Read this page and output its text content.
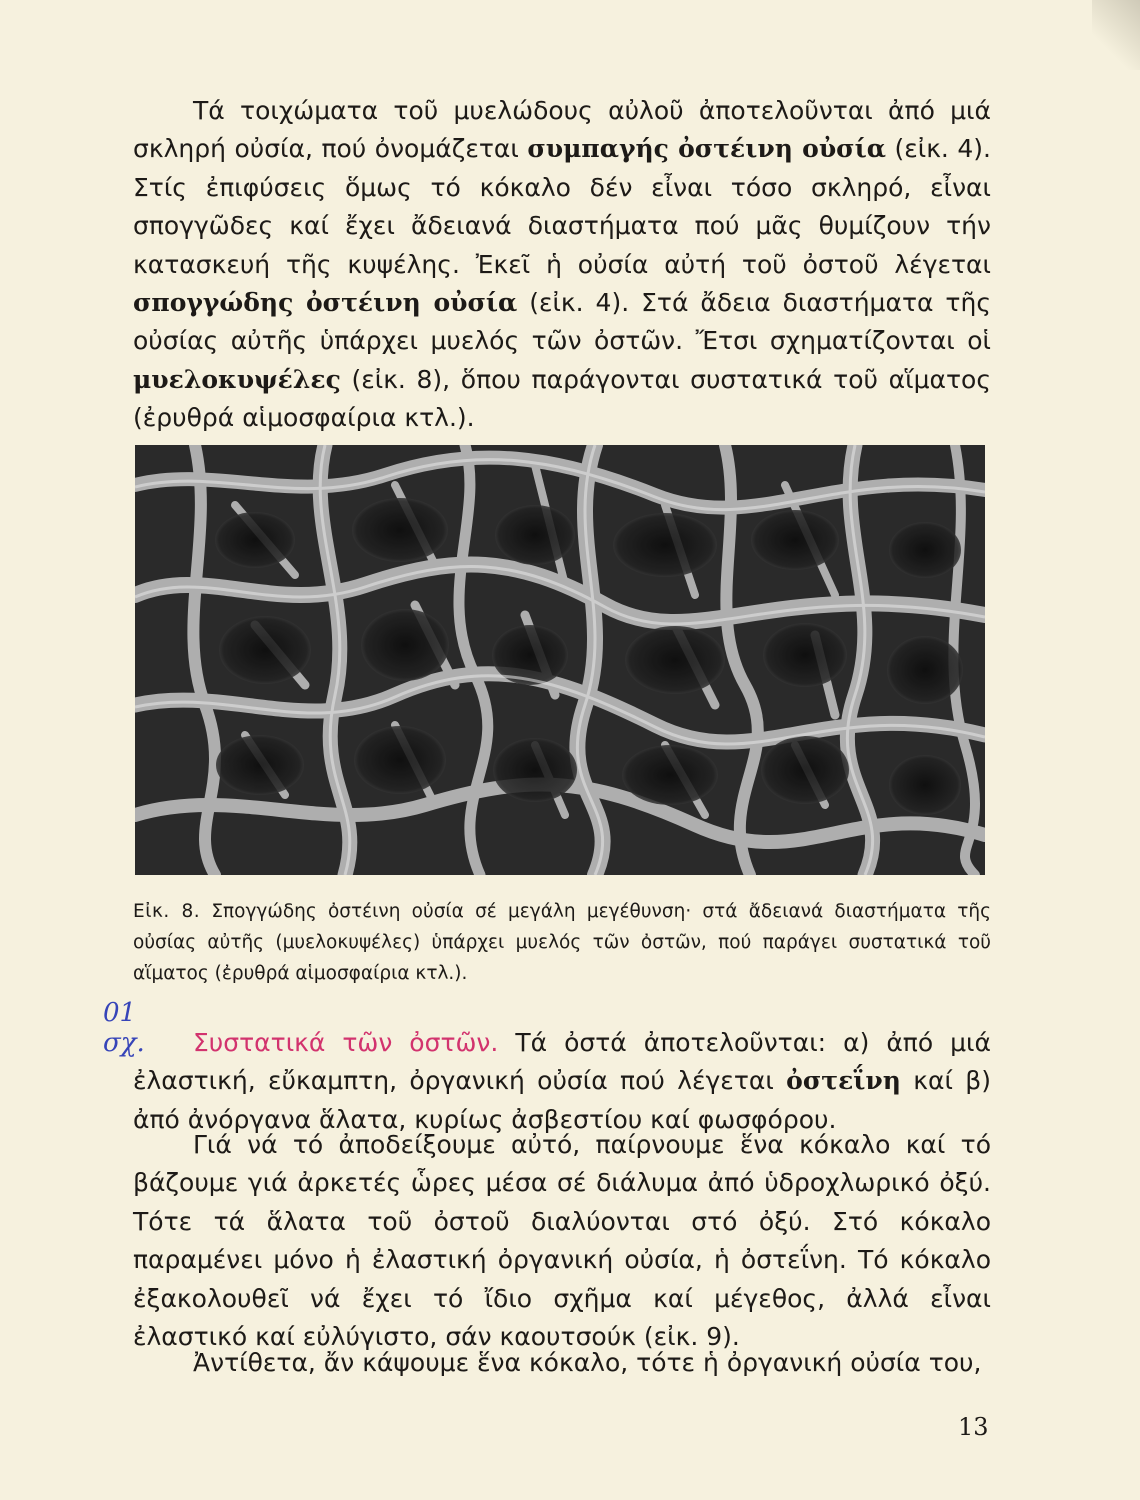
Τά τοιχώματα τοῦ μυελώδους αὐλοῦ ἀποτελοῦνται ἀπό μιά σκληρή οὐσία, πού ὀνομάζεται συμπαγής ὀστέινη οὐσία (εἰκ. 4). Στίς ἐπιφύσεις ὅμως τό κόκαλο δέν εἶναι τόσο σκληρό, εἶναι σπογγῶδες καί ἔχει ἄδειανά διαστήματα πού μᾶς θυμίζουν τήν κατασκευή τῆς κυψέλης. Ἐκεῖ ἡ οὐσία αὐτή τοῦ ὀστοῦ λέγεται σπογγώδης ὀστέινη οὐσία (εἰκ. 4). Στά ἄδεια διαστήματα τῆς οὐσίας αὐτῆς ὑπάρχει μυελός τῶν ὀστῶν. Ἔτσι σχηματίζονται οἱ μυελοκυψέλες (εἰκ. 8), ὅπου παράγονται συστατικά τοῦ αἵματος (ἐρυθρά αἱμοσφαίρια κτλ.).

Εἰκ. 8. Σπογγώδης ὀστέινη οὐσία σέ μεγάλη μεγέθυνση· στά ἄδειανά διαστήματα τῆς οὐσίας αὐτῆς (μυελοκυψέλες) ὑπάρχει μυελός τῶν ὀστῶν, πού παράγει συστατικά τοῦ αἵματος (ἐρυθρά αἱμοσφαίρια κτλ.).

01
σχ.	Συστατικά τῶν ὀστῶν. Τά ὀστά ἀποτελοῦνται: α) ἀπό μιά ἐλαστική, εὔκαμπτη, ὀργανική οὐσία πού λέγεται ὀστεΐνη καί β) ἀπό ἀνόργανα ἅλατα, κυρίως ἀσβεστίου καί φωσφόρου.

Γιά νά τό ἀποδείξουμε αὐτό, παίρνουμε ἕνα κόκαλο καί τό βάζουμε γιά ἀρκετές ὧρες μέσα σέ διάλυμα ἀπό ὑδροχλωρικό ὀξύ. Τότε τά ἅλατα τοῦ ὀστοῦ διαλύονται στό ὀξύ. Στό κόκαλο παραμένει μόνο ἡ ἐλαστική ὀργανική οὐσία, ἡ ὀστεΐνη. Τό κόκαλο ἐξακολουθεῖ νά ἔχει τό ἴδιο σχῆμα καί μέγεθος, ἀλλά εἶναι ἐλαστικό καί εὐλύγιστο, σάν καουτσούκ (εἰκ. 9).

Ἀντίθετα, ἄν κάψουμε ἕνα κόκαλο, τότε ἡ ὀργανική οὐσία του,

13
